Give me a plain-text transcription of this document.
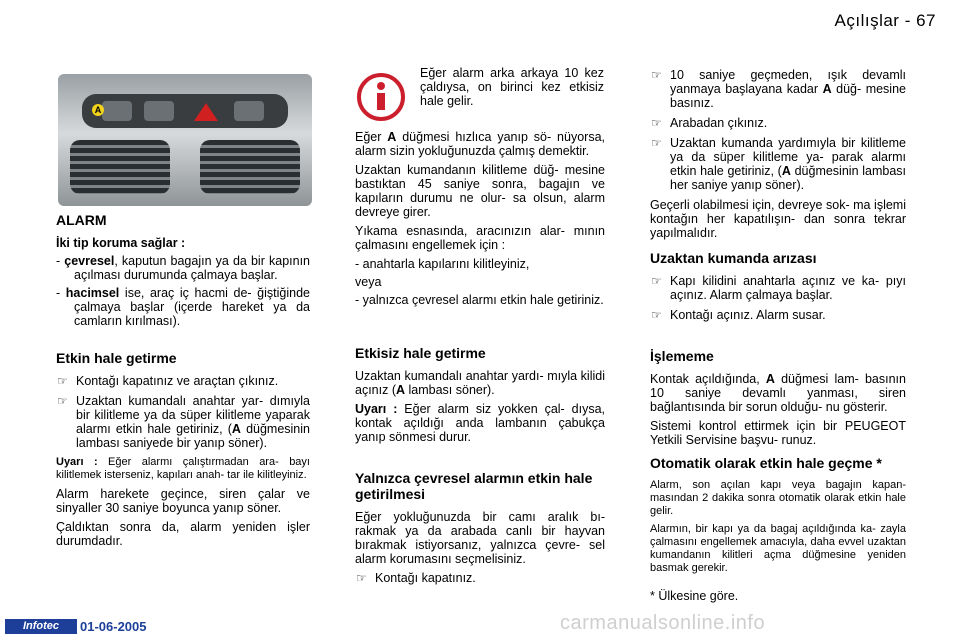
Açılışlar - 67
A

Eğer alarm arka arkaya 10 kez çaldıysa, on birinci kez etkisiz hale gelir.

ALARM
İki tip koruma sağlar :
- çevresel, kaputun bagajın ya da bir kapının açılması durumunda çalmaya başlar.
- hacimsel ise, araç iç hacmi de- ğiştiğinde çalmaya başlar (içerde hareket ya da camların kırılması).
Etkin hale getirme
☞ Kontağı kapatınız ve araçtan çıkınız.
☞ Uzaktan kumandalı anahtar yar- dımıyla bir kilitleme ya da süper kilitleme yaparak alarmı etkin hale getiriniz, (A düğmesinin lambası saniyede bir yanıp söner).

Uyarı : Eğer alarmı çalıştırmadan ara- bayı kilitlemek isterseniz, kapıları anah- tar ile kilitleyiniz.

Alarm harekete geçince, siren çalar ve sinyaller 30 saniye boyunca yanıp söner.

Çaldıktan sonra da, alarm yeniden işler durumdadır.

Eğer A düğmesi hızlıca yanıp sö- nüyorsa, alarm sizin yokluğunuzda çalmış demektir.

Uzaktan kumandanın kilitleme düğ- mesine bastıktan 45 saniye sonra, bagajın ve kapıların durumu ne olur- sa olsun, alarm devreye girer.

Yıkama esnasında, aracınızın alar- mının çalmasını engellemek için :

- anahtarla kapılarını kilitleyiniz,
veya
- yalnızca çevresel alarmı etkin hale getiriniz.
Etkisiz hale getirme

Uzaktan kumandalı anahtar yardı- mıyla kilidi açınız (A lambası söner).

Uyarı : Eğer alarm siz yokken çal- dıysa, kontak açıldığı anda lambanın çabukça yanıp sönmesi durur.

Yalnızca çevresel alarmın etkin hale getirilmesi

Eğer yokluğunuzda bir camı aralık bı- rakmak ya da arabada canlı bir hayvan bırakmak istiyorsanız, yalnızca çevre- sel alarm korumasını seçmelisiniz.

☞ Kontağı kapatınız.
☞ 10 saniye geçmeden, ışık devamlı yanmaya başlayana kadar A düğ- mesine basınız.
☞ Arabadan çıkınız.
☞ Uzaktan kumanda yardımıyla bir kilitleme ya da süper kilitleme ya- parak alarmı etkin hale getiriniz, (A düğmesinin lambası her saniye yanıp söner).

Geçerli olabilmesi için, devreye sok- ma işlemi kontağın her kapatılışın- dan sonra tekrar yapılmalıdır.

Uzaktan kumanda arızası
☞ Kapı kilidini anahtarla açınız ve ka- pıyı açınız. Alarm çalmaya başlar.
☞ Kontağı açınız. Alarm susar.
İşlememe

Kontak açıldığında, A düğmesi lam- basının 10 saniye devamlı yanması, siren bağlantısında bir sorun olduğu- nu gösterir.

Sistemi kontrol ettirmek için bir PEUGEOT Yetkili Servisine başvu- runuz.

Otomatik olarak etkin hale geçme *

Alarm, son açılan kapı veya bagajın kapan- masından 2 dakika sonra otomatik olarak etkin hale gelir.

Alarmın, bir kapı ya da bagaj açıldığında ka- zayla çalmasını engellemek amacıyla, daha evvel uzaktan kumandanın kilitleri açma düğmesine yeniden basmak gerekir.

* Ülkesine göre.

Infotec	01-06-2005	carmanualsonline.info
